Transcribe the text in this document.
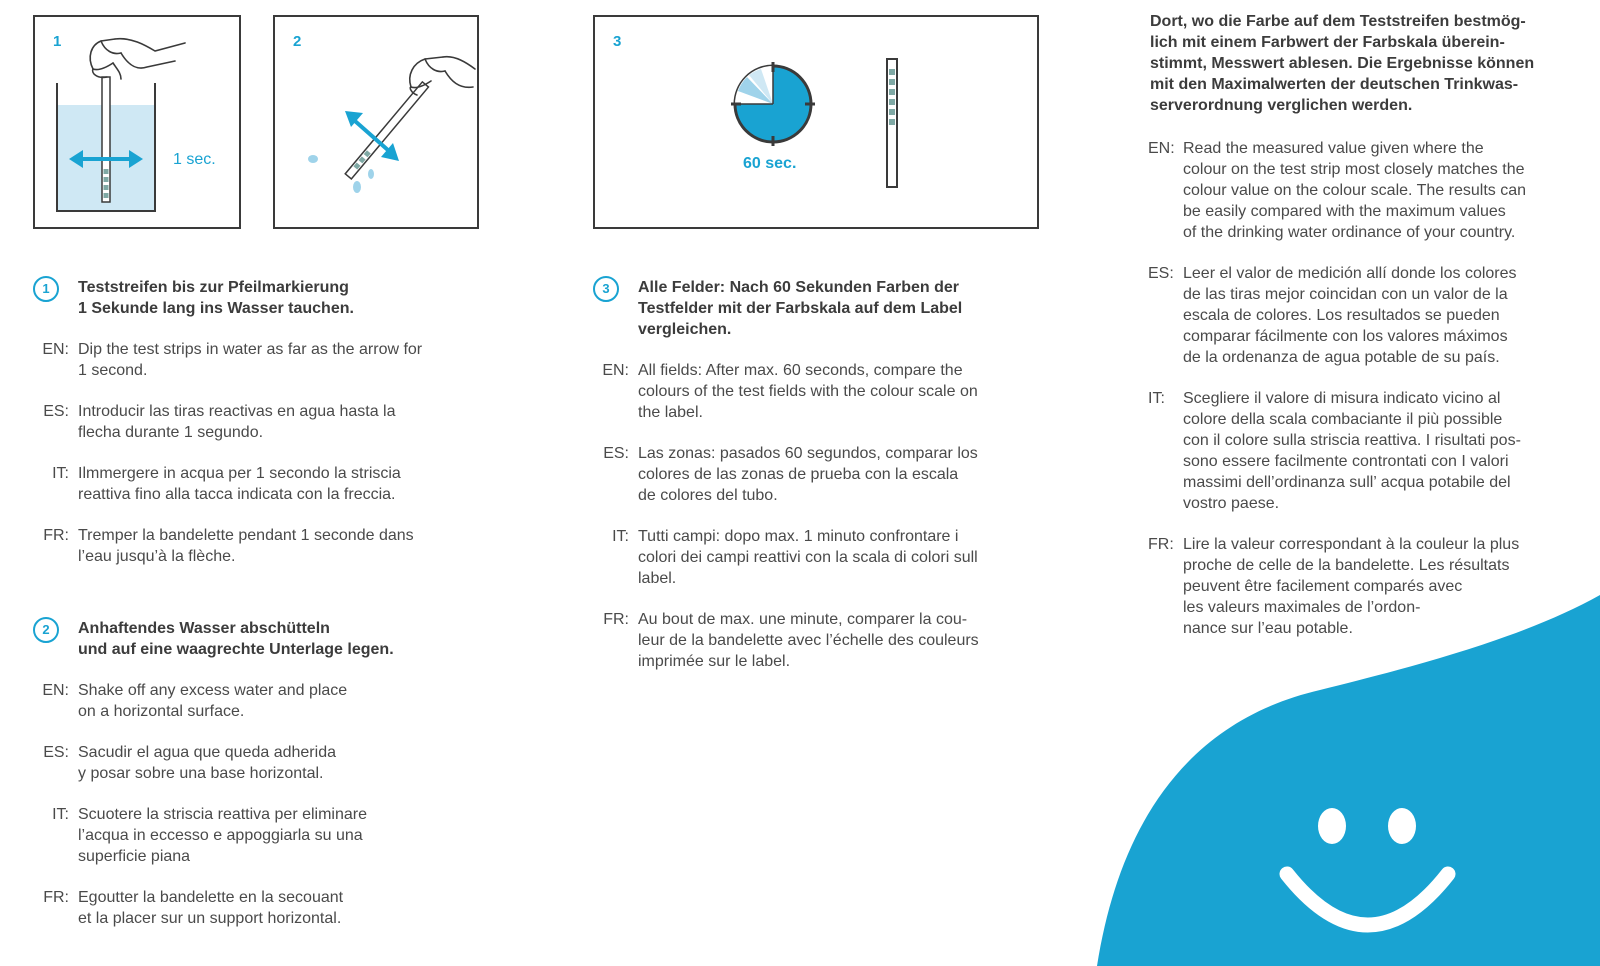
1
1 sec.
2	3
60 sec.
1	Teststreifen bis zur Pfeilmarkierung
1 Sekunde lang ins Wasser tauchen.
EN: Dip the test strips in water as far as the arrow for
1 second.
ES: Introducir las tiras reactivas en agua hasta la
flecha durante 1 segundo.
IT: Ilmmergere in acqua per 1 secondo la striscia
reattiva fino alla tacca indicata con la freccia.
FR: Tremper la bandelette pendant 1 seconde dans
l’eau jusqu’à la flèche.
2	Anhaftendes Wasser abschütteln
und auf eine waagrechte Unterlage legen.
EN: Shake off any excess water and place
on a horizontal surface.
ES: Sacudir el agua que queda adherida
y posar sobre una base horizontal.
IT: Scuotere la striscia reattiva per eliminare
l’acqua in eccesso e appoggiarla su una
superficie piana
FR: Egoutter la bandelette en la secouant
et la placer sur un support horizontal.
3	Alle Felder: Nach 60 Sekunden Farben der
Testfelder mit der Farbskala auf dem Label
vergleichen.
EN: All fields: After max. 60 seconds, compare the
colours of the test fields with the colour scale on
the label.
ES: Las zonas: pasados 60 segundos, comparar los
colores de las zonas de prueba con la escala
de colores del tubo.
IT: Tutti campi: dopo max. 1 minuto confrontare i
colori dei campi reattivi con la scala di colori sull
label.
FR: Au bout de max. une minute, comparer la cou-
leur de la bandelette avec l’échelle des couleurs
imprimée sur le label.
Dort, wo die Farbe auf dem Teststreifen bestmög-
lich mit einem Farbwert der Farbskala überein-
stimmt, Messwert ablesen. Die Ergebnisse können
mit den Maximalwerten der deutschen Trinkwas-
serverordnung verglichen werden.
EN: Read the measured value given where the
colour on the test strip most closely matches the
colour value on the colour scale. The results can
be easily compared with the maximum values
of the drinking water ordinance of your country.
ES: Leer el valor de medición allí donde los colores
de las tiras mejor coincidan con un valor de la
escala de colores. Los resultados se pueden
comparar fácilmente con los valores máximos
de la ordenanza de agua potable de su país.
IT:	Scegliere il valore di misura indicato vicino al
colore della scala combaciante il più possible
con il colore sulla striscia reattiva. I risultati pos-
sono essere facilmente controntati con I valori
massimi dell’ordinanza sull’ acqua potabile del
vostro paese.
FR: Lire la valeur correspondant à la couleur la plus
proche de celle de la bandelette. Les résultats
peuvent être facilement comparés avec
les valeurs maximales de l’ordon-
nance sur l’eau potable.
